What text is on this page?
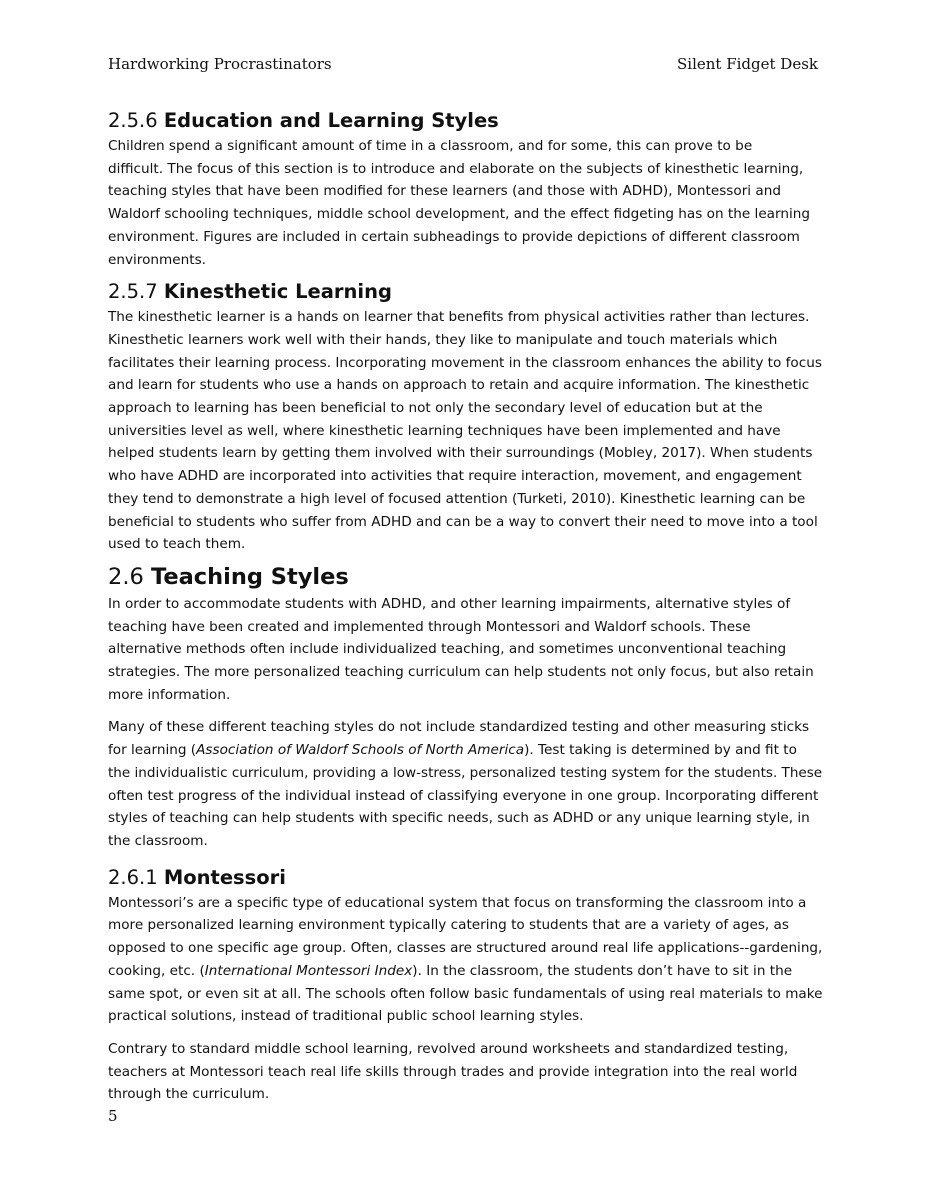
Hardworking Procrastinators	Silent Fidget Desk
2.5.6 Education and Learning Styles

Children spend a significant amount of time in a classroom, and for some, this can prove to be
difficult. The focus of this section is to introduce and elaborate on the subjects of kinesthetic learning,
teaching styles that have been modified for these learners (and those with ADHD), Montessori and
Waldorf schooling techniques, middle school development, and the effect fidgeting has on the learning
environment. Figures are included in certain subheadings to provide depictions of different classroom
environments.

2.5.7 Kinesthetic Learning

The kinesthetic learner is a hands on learner that benefits from physical activities rather than lectures.
Kinesthetic learners work well with their hands, they like to manipulate and touch materials which
facilitates their learning process. Incorporating movement in the classroom enhances the ability to focus
and learn for students who use a hands on approach to retain and acquire information. The kinesthetic
approach to learning has been beneficial to not only the secondary level of education but at the
universities level as well, where kinesthetic learning techniques have been implemented and have
helped students learn by getting them involved with their surroundings (Mobley, 2017). When students
who have ADHD are incorporated into activities that require interaction, movement, and engagement
they tend to demonstrate a high level of focused attention (Turketi, 2010). Kinesthetic learning can be
beneficial to students who suffer from ADHD and can be a way to convert their need to move into a tool
used to teach them.

2.6 Teaching Styles

In order to accommodate students with ADHD, and other learning impairments, alternative styles of
teaching have been created and implemented through Montessori and Waldorf schools. These
alternative methods often include individualized teaching, and sometimes unconventional teaching
strategies. The more personalized teaching curriculum can help students not only focus, but also retain
more information.

Many of these different teaching styles do not include standardized testing and other measuring sticks
for learning (Association of Waldorf Schools of North America). Test taking is determined by and fit to
the individualistic curriculum, providing a low-stress, personalized testing system for the students. These
often test progress of the individual instead of classifying everyone in one group. Incorporating different
styles of teaching can help students with specific needs, such as ADHD or any unique learning style, in
the classroom.

2.6.1 Montessori

Montessori’s are a specific type of educational system that focus on transforming the classroom into a
more personalized learning environment typically catering to students that are a variety of ages, as
opposed to one specific age group. Often, classes are structured around real life applications--gardening,
cooking, etc. (International Montessori Index). In the classroom, the students don’t have to sit in the
same spot, or even sit at all. The schools often follow basic fundamentals of using real materials to make
practical solutions, instead of traditional public school learning styles.

Contrary to standard middle school learning, revolved around worksheets and standardized testing,
teachers at Montessori teach real life skills through trades and provide integration into the real world
through the curriculum.

5
